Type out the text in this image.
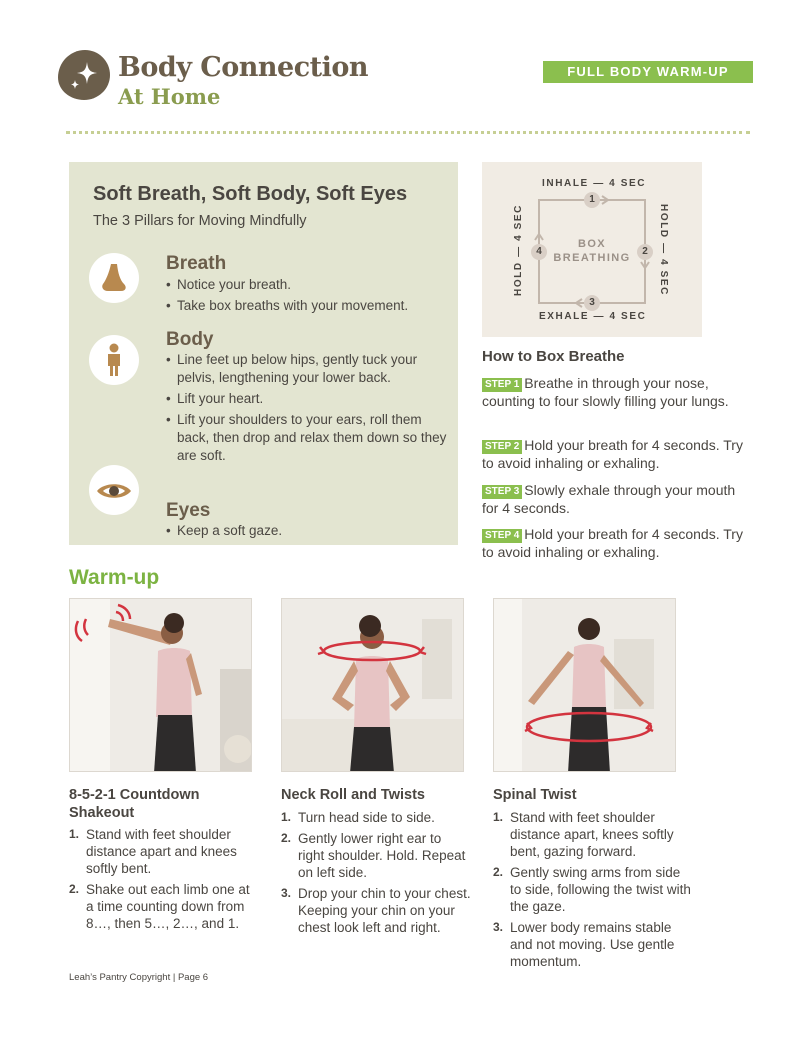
Body Connection
At Home
FULL BODY WARM-UP
Soft Breath, Soft Body, Soft Eyes
The 3 Pillars for Moving Mindfully
Breath
• Notice your breath.
• Take box breaths with your movement.
Body
• Line feet up below hips, gently tuck your pelvis, lengthening your lower back.
• Lift your heart.
• Lift your shoulders to your ears, roll them back, then drop and relax them down so they are soft.
Eyes
• Keep a soft gaze.
INHALE — 4 SEC
EXHALE — 4 SEC
HOLD — 4 SEC
HOLD — 4 SEC	BOX
BREATHING
1
2
3
4
How to Box Breathe
STEP 1 Breathe in through your nose, counting to four slowly filling your lungs.
STEP 2 Hold your breath for 4 seconds. Try to avoid inhaling or exhaling.
STEP 3 Slowly exhale through your mouth for 4 seconds.
STEP 4 Hold your breath for 4 seconds. Try to avoid inhaling or exhaling.
Warm-up
8-5-2-1 Countdown Shakeout
1. Stand with feet shoulder distance apart and knees softly bent.
2. Shake out each limb one at a time counting down from 8…, then 5…, 2…, and 1.
Neck Roll and Twists
1. Turn head side to side.
2. Gently lower right ear to right shoulder. Hold. Repeat on left side.
3. Drop your chin to your chest. Keeping your chin on your chest look left and right.
Spinal Twist
1. Stand with feet shoulder distance apart, knees softly bent, gazing forward.
2. Gently swing arms from side to side, following the twist with the gaze.
3. Lower body remains stable and not moving. Use gentle momentum.
Leah’s Pantry Copyright | Page 6
